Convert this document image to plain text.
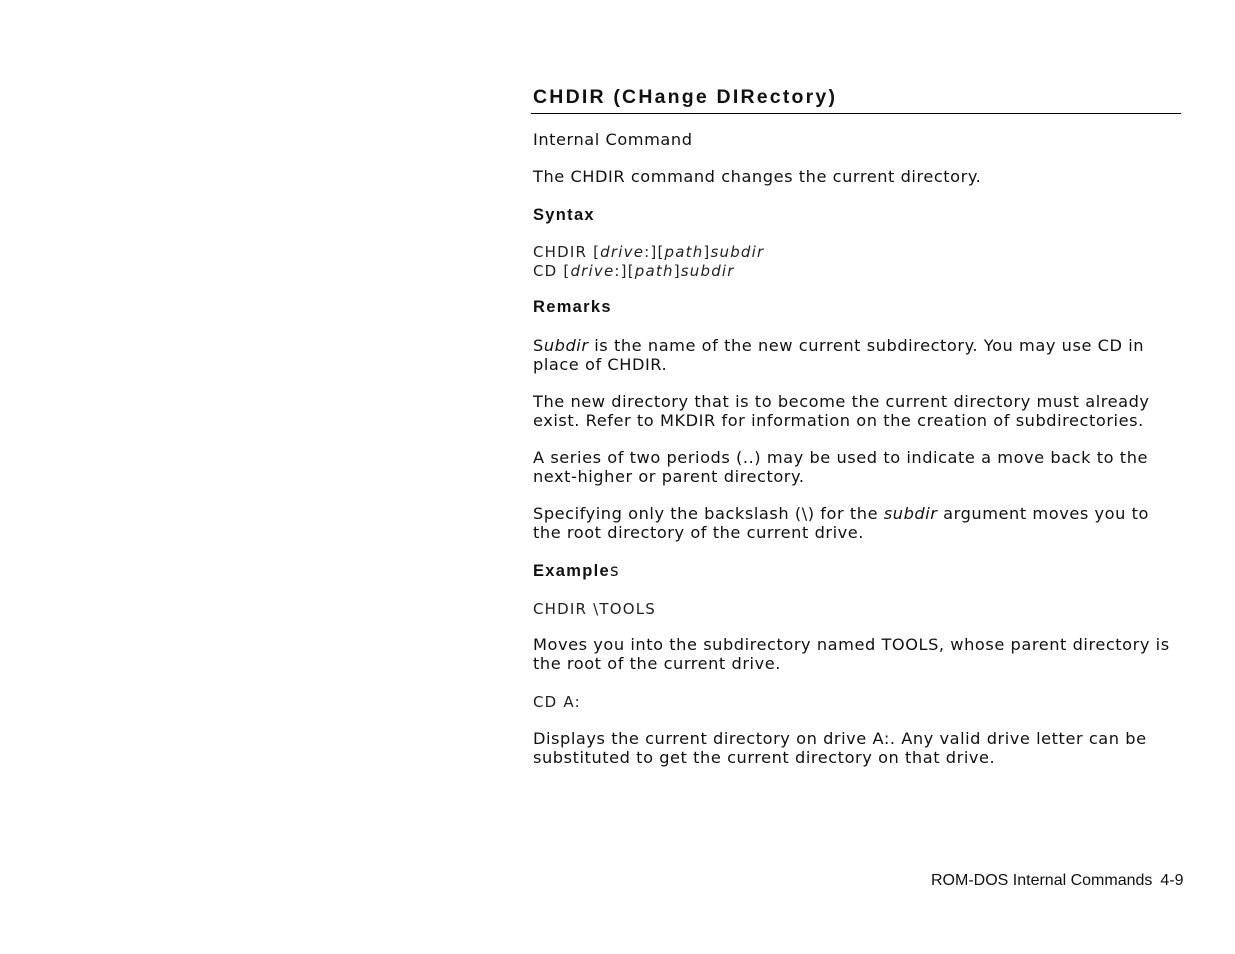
CHDIR (CHange DIRectory)

Internal Command

The CHDIR command changes the current directory.

Syntax
CHDIR [drive:][path]subdir
CD [drive:][path]subdir
Remarks
Subdir is the name of the new current subdirectory. You may use CD in
place of CHDIR.
The new directory that is to become the current directory must already
exist. Refer to MKDIR for information on the creation of subdirectories.
A series of two periods (..) may be used to indicate a move back to the
next-higher or parent directory.
Specifying only the backslash (\) for the subdir argument moves you to
the root directory of the current drive.
Examples
CHDIR \TOOLS
Moves you into the subdirectory named TOOLS, whose parent directory is
the root of the current drive.
CD A:
Displays the current directory on drive A:. Any valid drive letter can be
substituted to get the current directory on that drive.
ROM-DOS Internal Commands 4-9
